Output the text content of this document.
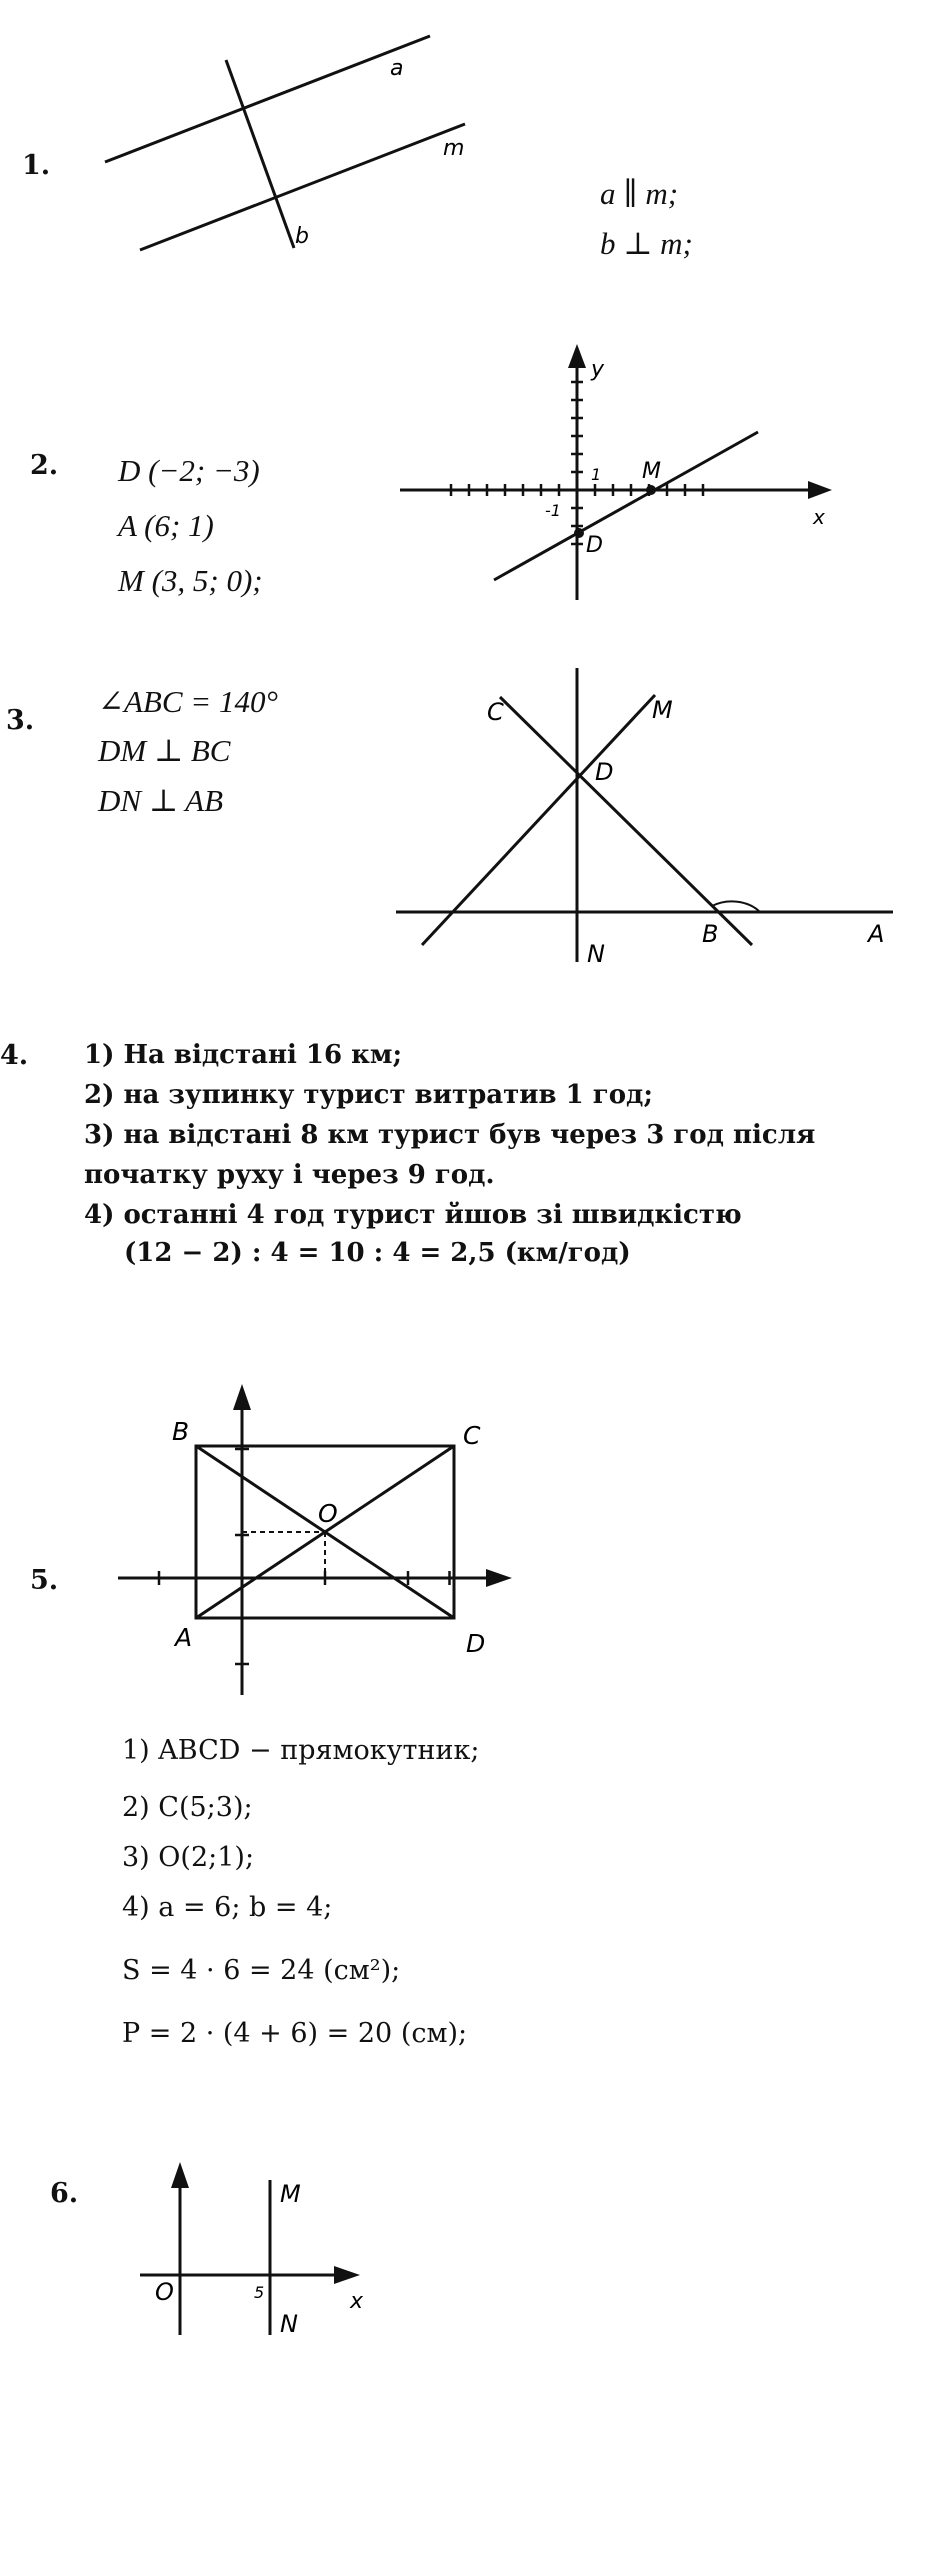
1.
a
m
b
a ∥ m;
b ⊥ m;
2. D (−2; −3)
A (6; 1)
M (3, 5; 0);
y
x
1
-1
M
D
3.
∠ABC = 140°
DM ⊥ BC
DN ⊥ AB
C	M
D
N
B	A
4. 1) На відстані 16 км;
2) на зупинку турист витратив 1 год;
3) на відстані 8 км турист був через 3 год після
початку руху і через 9 год.
4) останні 4 год турист йшов зі швидкістю
(12 − 2) : 4 = 10 : 4 = 2,5 (км/год)
5.
B	C
O
A	D
1) ABCD − прямокутник;
2) C(5;3);
3) O(2;1);
4) a = 6; b = 4;
S = 4 · 6 = 24 (см²);
P = 2 · (4 + 6) = 20 (см);
6.	M
O	5
N
x
